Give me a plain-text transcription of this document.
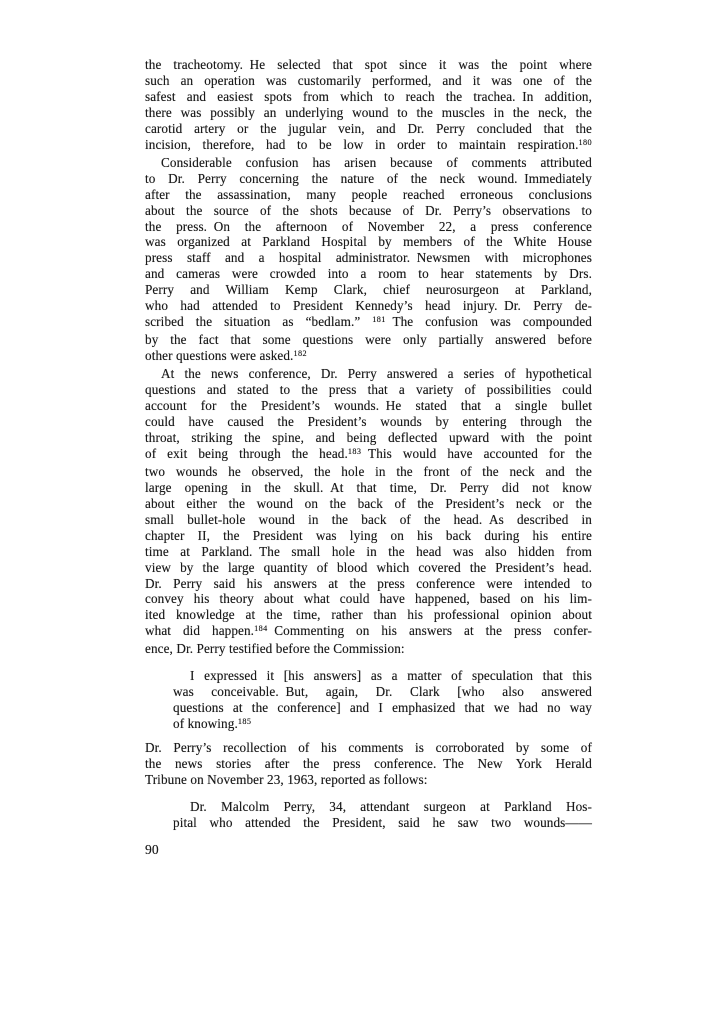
the tracheotomy. He selected that spot since it was the point where
such an operation was customarily performed, and it was one of the
safest and easiest spots from which to reach the trachea. In addition,
there was possibly an underlying wound to the muscles in the neck, the
carotid artery or the jugular vein, and Dr. Perry concluded that the
incision, therefore, had to be low in order to maintain respiration.$^{180}$
Considerable confusion has arisen because of comments attributed
to Dr. Perry concerning the nature of the neck wound. Immediately
after the assassination, many people reached erroneous conclusions
about the source of the shots because of Dr. Perry’s observations to
the press. On the afternoon of November 22, a press conference
was organized at Parkland Hospital by members of the White House
press staff and a hospital administrator. Newsmen with microphones
and cameras were crowded into a room to hear statements by Drs.
Perry and William Kemp Clark, chief neurosurgeon at Parkland,
who had attended to President Kennedy’s head injury. Dr. Perry de-
scribed the situation as “bedlam.” $^{181}$ The confusion was compounded
by the fact that some questions were only partially answered before
other questions were asked.$^{182}$
At the news conference, Dr. Perry answered a series of hypothetical
questions and stated to the press that a variety of possibilities could
account for the President’s wounds. He stated that a single bullet
could have caused the President’s wounds by entering through the
throat, striking the spine, and being deflected upward with the point
of exit being through the head.$^{183}$ This would have accounted for the
two wounds he observed, the hole in the front of the neck and the
large opening in the skull. At that time, Dr. Perry did not know
about either the wound on the back of the President’s neck or the
small bullet-hole wound in the back of the head. As described in
chapter II, the President was lying on his back during his entire
time at Parkland. The small hole in the head was also hidden from
view by the large quantity of blood which covered the President’s head.
Dr. Perry said his answers at the press conference were intended to
convey his theory about what could have happened, based on his lim-
ited knowledge at the time, rather than his professional opinion about
what did happen.$^{184}$ Commenting on his answers at the press confer-
ence, Dr. Perry testified before the Commission:
I expressed it [his answers] as a matter of speculation that this
was conceivable. But, again, Dr. Clark [who also answered
questions at the conference] and I emphasized that we had no way
of knowing.$^{185}$
Dr. Perry’s recollection of his comments is corroborated by some of
the news stories after the press conference. The New York Herald
Tribune on November 23, 1963, reported as follows:
Dr. Malcolm Perry, 34, attendant surgeon at Parkland Hos-
pital who attended the President, said he saw two wounds——
90
